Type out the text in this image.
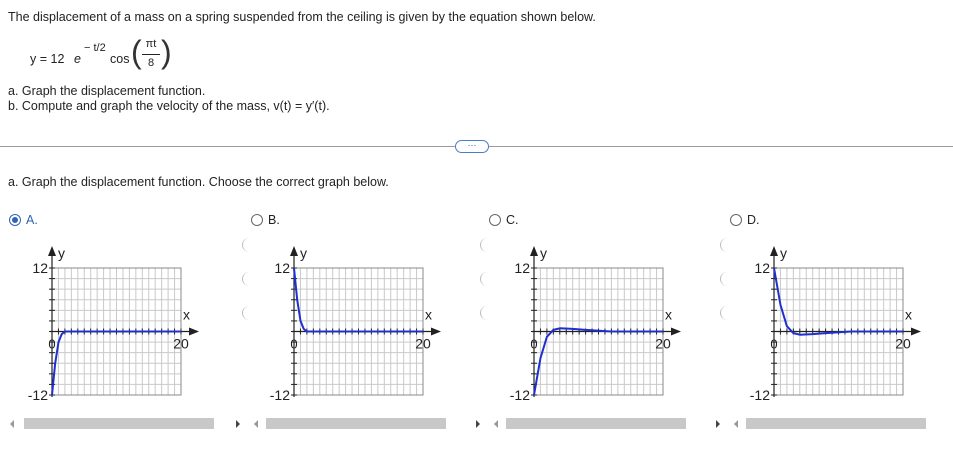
The displacement of a mass on a spring suspended from the ceiling is given by the equation shown below.
y = 12 e
− t/2
cos ( πt
8 )
a. Graph the displacement function.
b. Compute and graph the velocity of the mass, v(t) = y′(t).
⋯
a. Graph the displacement function. Choose the correct graph below.
A.	B.	C.	D.
y
x
12
-12
20
0
y
x
12
-12
20
0
y
x
12
-12
20
0
y
x
12
-12
20
0
